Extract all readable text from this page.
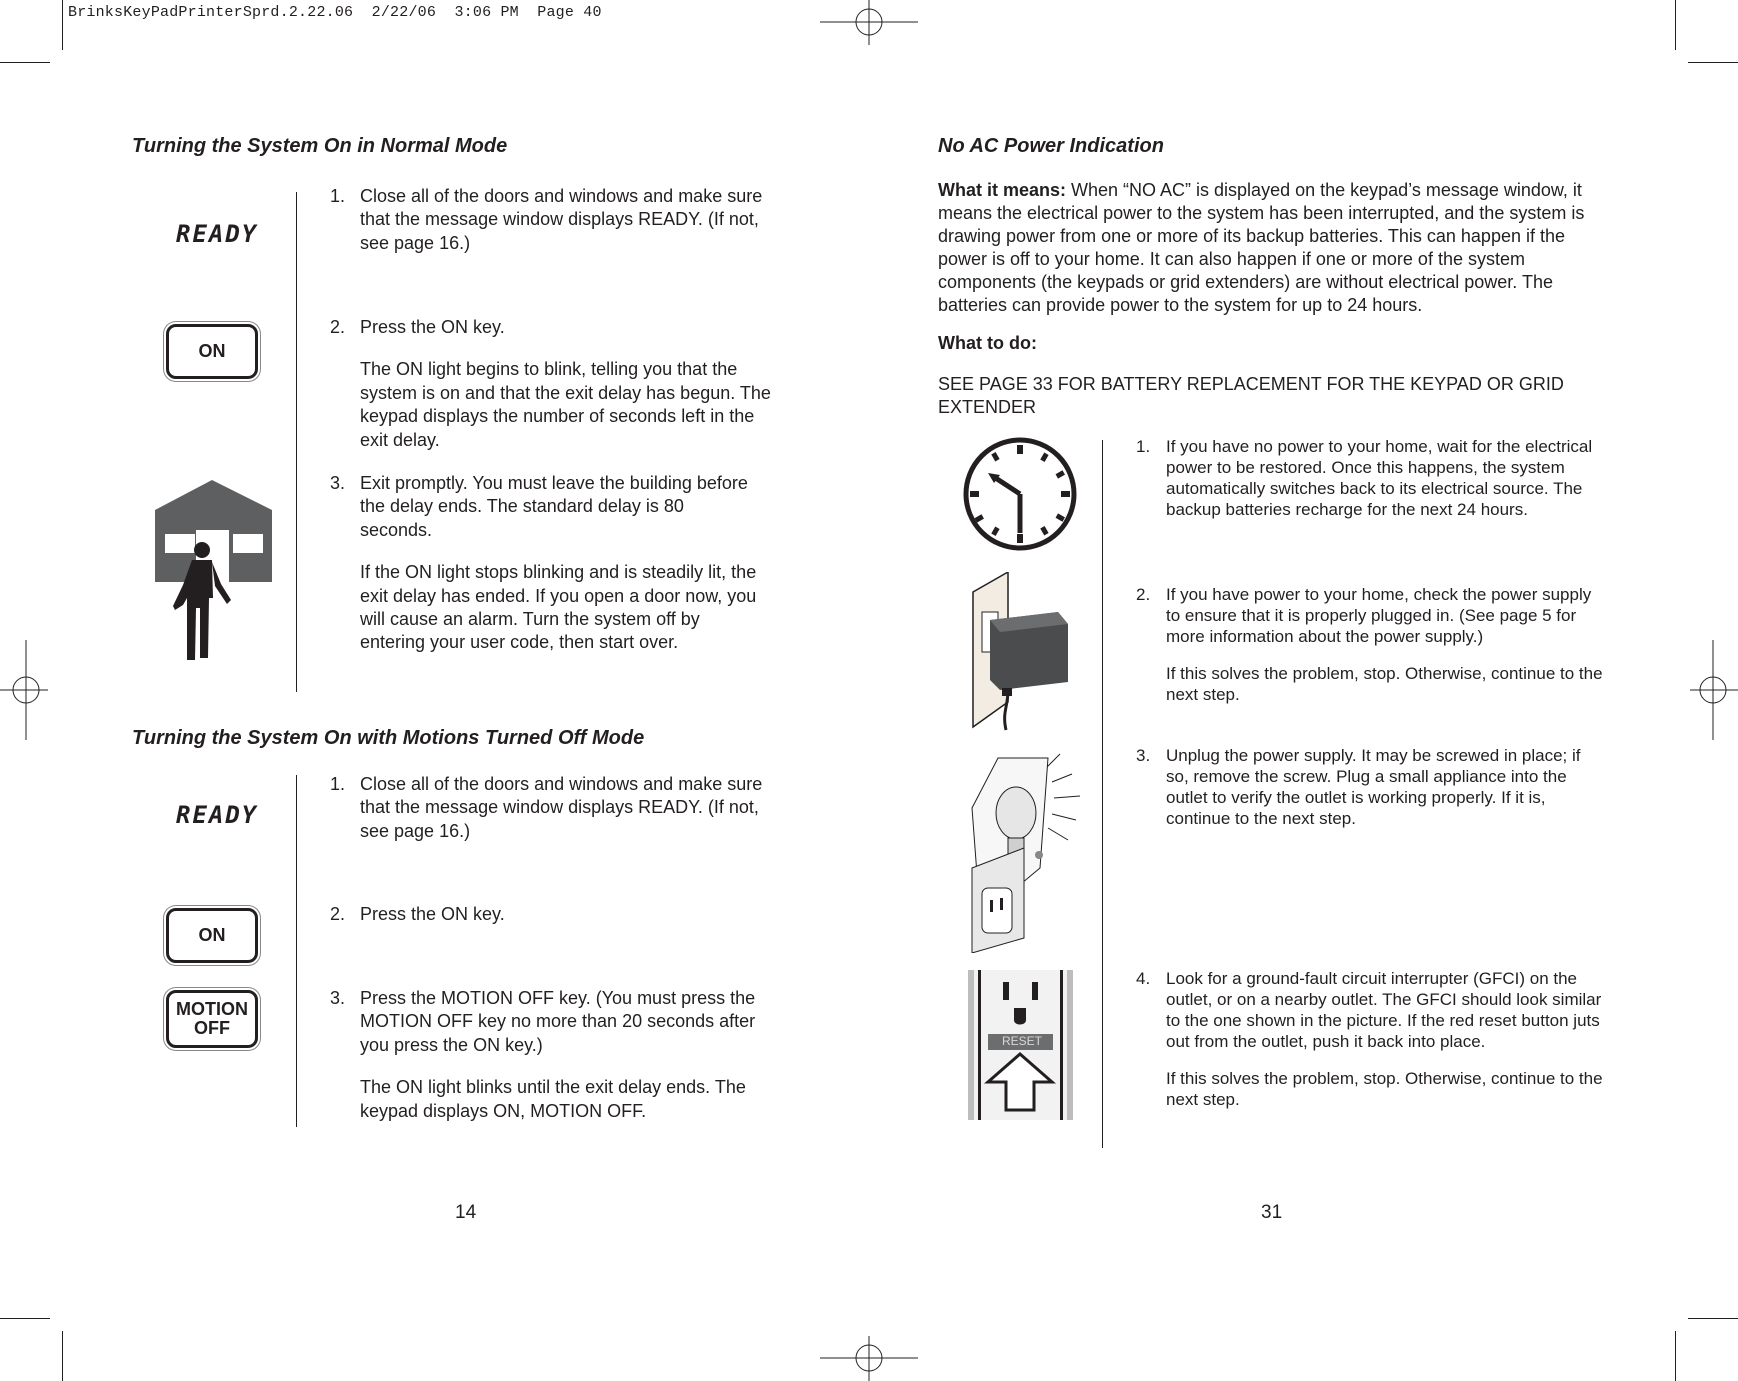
BrinksKeyPadPrinterSprd.2.22.06  2/22/06  3:06 PM  Page 40
Turning the System On in Normal Mode
READY
ON
1. Close all of the doors and windows and make sure that the message window displays READY. (If not, see page 16.)

2. Press the ON key.

The ON light begins to blink, telling you that the system is on and that the exit delay has begun. The keypad displays the number of seconds left in the exit delay.

3. Exit promptly. You must leave the building before the delay ends. The standard delay is 80 seconds.

If the ON light stops blinking and is steadily lit, the exit delay has ended. If you open a door now, you will cause an alarm. Turn the system off by entering your user code, then start over.

Turning the System On with Motions Turned Off Mode
READY
ON
MOTION
OFF
1. Close all of the doors and windows and make sure that the message window displays READY. (If not, see page 16.)

2. Press the ON key.

3. Press the MOTION OFF key. (You must press the MOTION OFF key no more than 20 seconds after you press the ON key.)

The ON light blinks until the exit delay ends. The keypad displays ON, MOTION OFF.

14
No AC Power Indication

What it means: When “NO AC” is displayed on the keypad’s message window, it means the electrical power to the system has been interrupted, and the system is drawing power from one or more of its backup batteries. This can happen if the power is off to your home. It can also happen if one or more of the system components (the keypads or grid extenders) are without electrical power. The batteries can provide power to the system for up to 24 hours.

What to do:
SEE PAGE 33 FOR BATTERY REPLACEMENT FOR THE KEYPAD OR GRID EXTENDER
RESET
1. If you have no power to your home, wait for the electrical power to be restored. Once this happens, the system automatically switches back to its electrical source. The backup batteries recharge for the next 24 hours.

2. If you have power to your home, check the power supply to ensure that it is properly plugged in. (See page 5 for more information about the power supply.)

If this solves the problem, stop. Otherwise, continue to the next step.

3. Unplug the power supply. It may be screwed in place; if so, remove the screw. Plug a small appliance into the outlet to verify the outlet is working properly. If it is, continue to the next step.

4. Look for a ground-fault circuit interrupter (GFCI) on the outlet, or on a nearby outlet. The GFCI should look similar to the one shown in the picture. If the red reset button juts out from the outlet, push it back into place.

If this solves the problem, stop. Otherwise, continue to the next step.

31
